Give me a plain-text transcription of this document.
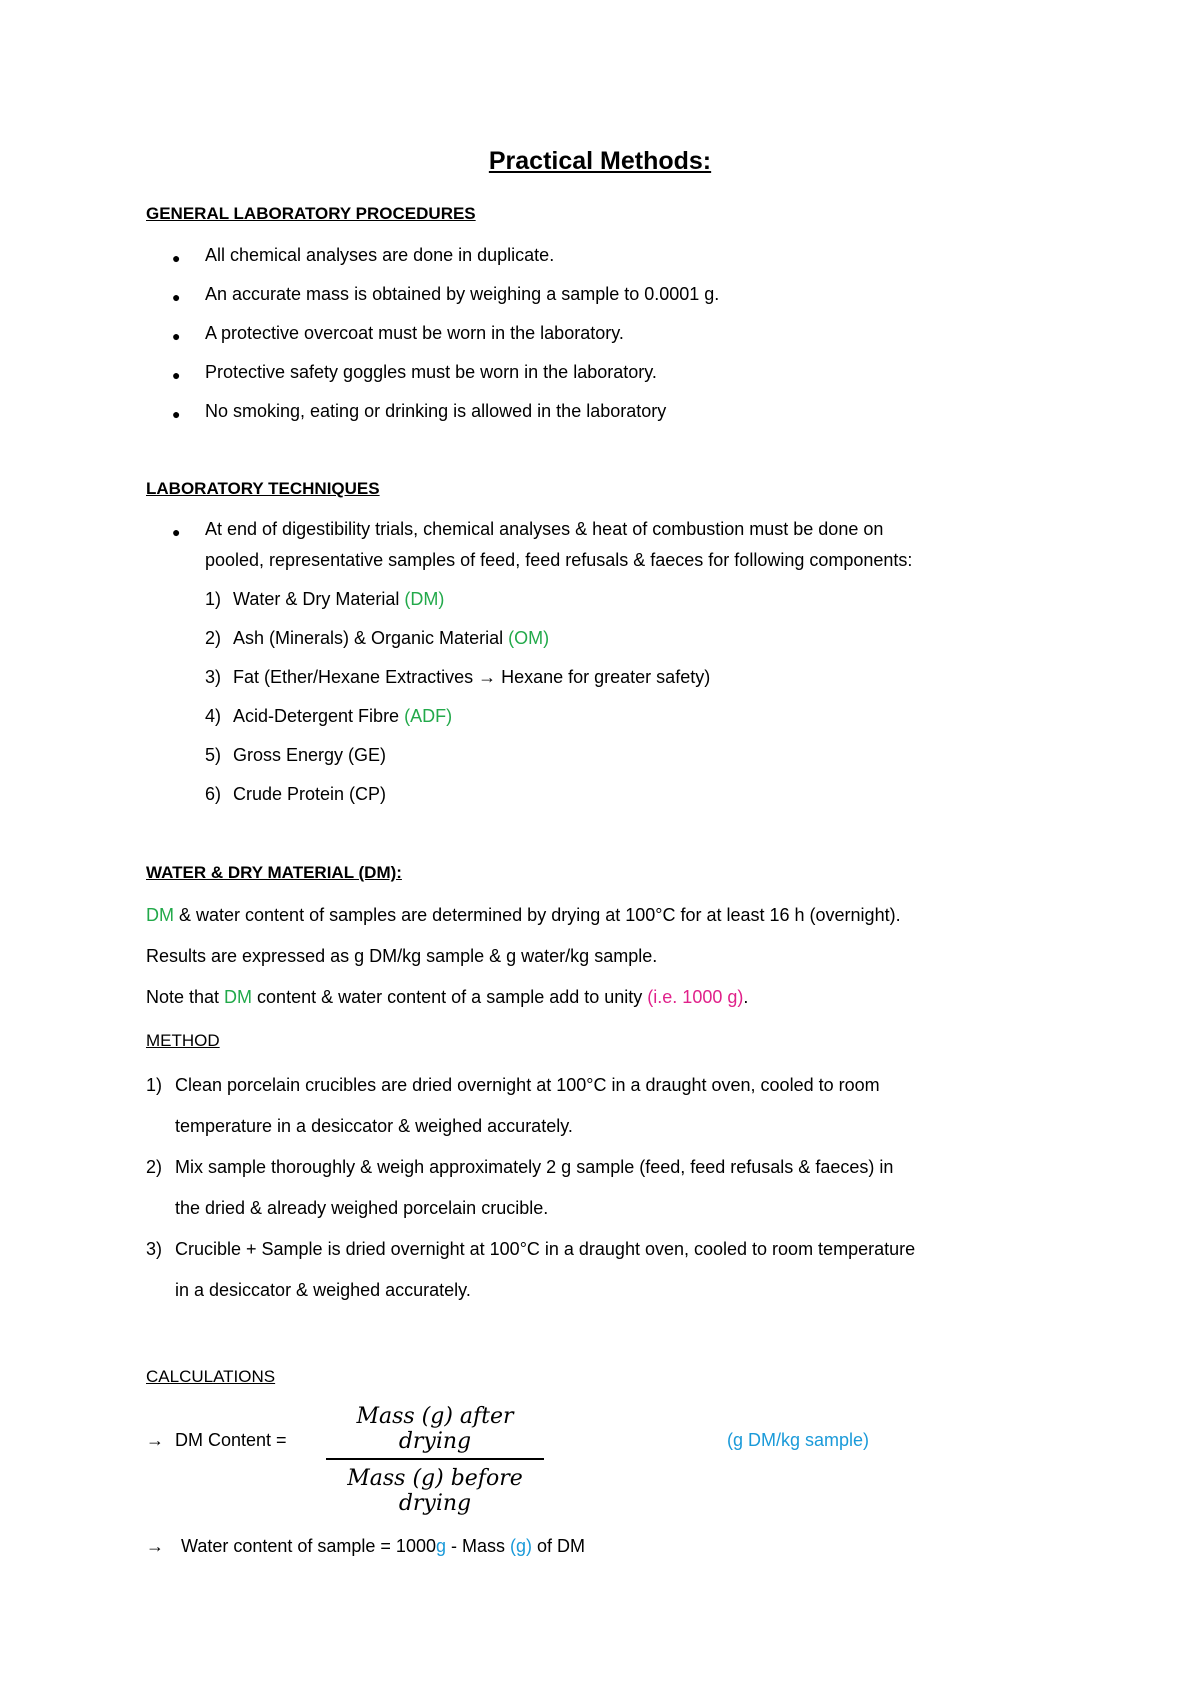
Practical Methods:
GENERAL LABORATORY PROCEDURES
● All chemical analyses are done in duplicate.
● An accurate mass is obtained by weighing a sample to 0.0001 g.
● A protective overcoat must be worn in the laboratory.
● Protective safety goggles must be worn in the laboratory.
● No smoking, eating or drinking is allowed in the laboratory
LABORATORY TECHNIQUES
● At end of digestibility trials, chemical analyses & heat of combustion must be done on
pooled, representative samples of feed, feed refusals & faeces for following components:
1) Water & Dry Material (DM)
2) Ash (Minerals) & Organic Material (OM)
3) Fat (Ether/Hexane Extractives → Hexane for greater safety)
4) Acid-Detergent Fibre (ADF)
5) Gross Energy (GE)
6) Crude Protein (CP)
WATER & DRY MATERIAL (DM):
DM & water content of samples are determined by drying at 100°C for at least 16 h (overnight).
Results are expressed as g DM/kg sample & g water/kg sample.
Note that DM content & water content of a sample add to unity (i.e. 1000 g).
METHOD
1) Clean porcelain crucibles are dried overnight at 100°C in a draught oven, cooled to room
temperature in a desiccator & weighed accurately.
2) Mix sample thoroughly & weigh approximately 2 g sample (feed, feed refusals & faeces) in
the dried & already weighed porcelain crucible.
3) Crucible + Sample is dried overnight at 100°C in a draught oven, cooled to room temperature
in a desiccator & weighed accurately.
CALCULATIONS
→ DM Content =
Mass (g) after drying
Mass (g) before drying
(g DM/kg sample)
→ Water content of sample = 1000g - Mass (g) of DM
